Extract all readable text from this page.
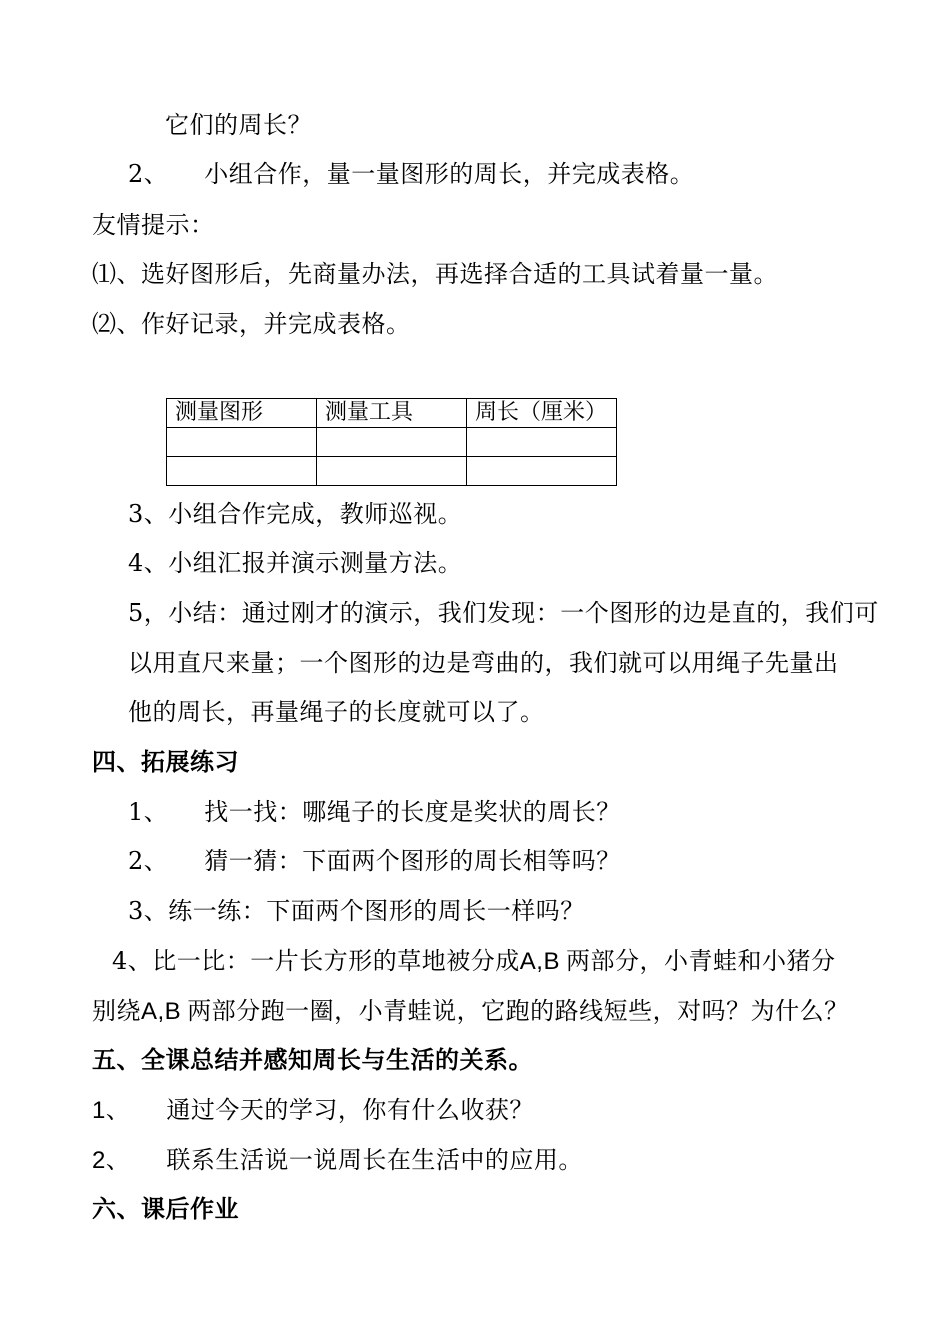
它们的周长？
2、 小组合作，量一量图形的周长，并完成表格。
友情提示：
⑴、选好图形后，先商量办法，再选择合适的工具试着量一量。
⑵、作好记录，并完成表格。
测量图形	测量工具	周长（厘米）

3、小组合作完成，教师巡视。
4、小组汇报并演示测量方法。
5，小结：通过刚才的演示，我们发现：一个图形的边是直的，我们可
以用直尺来量；一个图形的边是弯曲的，我们就可以用绳子先量出
他的周长，再量绳子的长度就可以了。
四、拓展练习
1、 找一找：哪绳子的长度是奖状的周长？
2、 猜一猜：下面两个图形的周长相等吗？
3、练一练：下面两个图形的周长一样吗？
4、比一比：一片长方形的草地被分成A,B 两部分，小青蛙和小猪分
别绕A,B 两部分跑一圈，小青蛙说，它跑的路线短些，对吗？为什么？
五、全课总结并感知周长与生活的关系。
1、 通过今天的学习，你有什么收获？
2、 联系生活说一说周长在生活中的应用。
六、课后作业
